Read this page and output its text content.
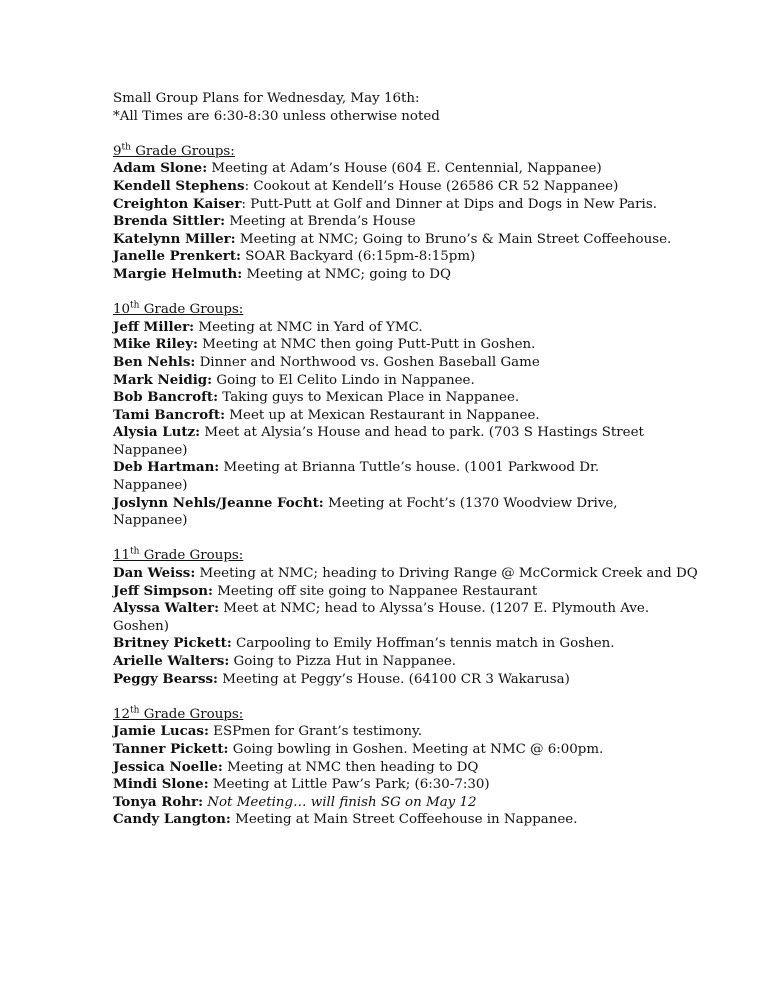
Small Group Plans for Wednesday, May 16th:
*All Times are 6:30-8:30 unless otherwise noted
9th Grade Groups:
Adam Slone: Meeting at Adam’s House (604 E. Centennial, Nappanee)
Kendell Stephens: Cookout at Kendell’s House (26586 CR 52 Nappanee)
Creighton Kaiser: Putt-Putt at Golf and Dinner at Dips and Dogs in New Paris.
Brenda Sittler: Meeting at Brenda’s House
Katelynn Miller: Meeting at NMC; Going to Bruno’s & Main Street Coffeehouse.
Janelle Prenkert: SOAR Backyard (6:15pm-8:15pm)
Margie Helmuth: Meeting at NMC; going to DQ
10th Grade Groups:
Jeff Miller: Meeting at NMC in Yard of YMC.
Mike Riley: Meeting at NMC then going Putt-Putt in Goshen.
Ben Nehls: Dinner and Northwood vs. Goshen Baseball Game
Mark Neidig: Going to El Celito Lindo in Nappanee.
Bob Bancroft: Taking guys to Mexican Place in Nappanee.
Tami Bancroft: Meet up at Mexican Restaurant in Nappanee.
Alysia Lutz: Meet at Alysia’s House and head to park. (703 S Hastings Street Nappanee)
Deb Hartman: Meeting at Brianna Tuttle’s house. (1001 Parkwood Dr. Nappanee)
Joslynn Nehls/Jeanne Focht: Meeting at Focht’s (1370 Woodview Drive, Nappanee)
11th Grade Groups:
Dan Weiss: Meeting at NMC; heading to Driving Range @ McCormick Creek and DQ
Jeff Simpson: Meeting off site going to Nappanee Restaurant
Alyssa Walter: Meet at NMC; head to Alyssa’s House. (1207 E. Plymouth Ave. Goshen)
Britney Pickett: Carpooling to Emily Hoffman’s tennis match in Goshen.
Arielle Walters: Going to Pizza Hut in Nappanee.
Peggy Bearss: Meeting at Peggy’s House. (64100 CR 3 Wakarusa)
12th Grade Groups:
Jamie Lucas: ESPmen for Grant’s testimony.
Tanner Pickett: Going bowling in Goshen. Meeting at NMC @ 6:00pm.
Jessica Noelle: Meeting at NMC then heading to DQ
Mindi Slone: Meeting at Little Paw’s Park; (6:30-7:30)
Tonya Rohr: Not Meeting… will finish SG on May 12
Candy Langton: Meeting at Main Street Coffeehouse in Nappanee.
